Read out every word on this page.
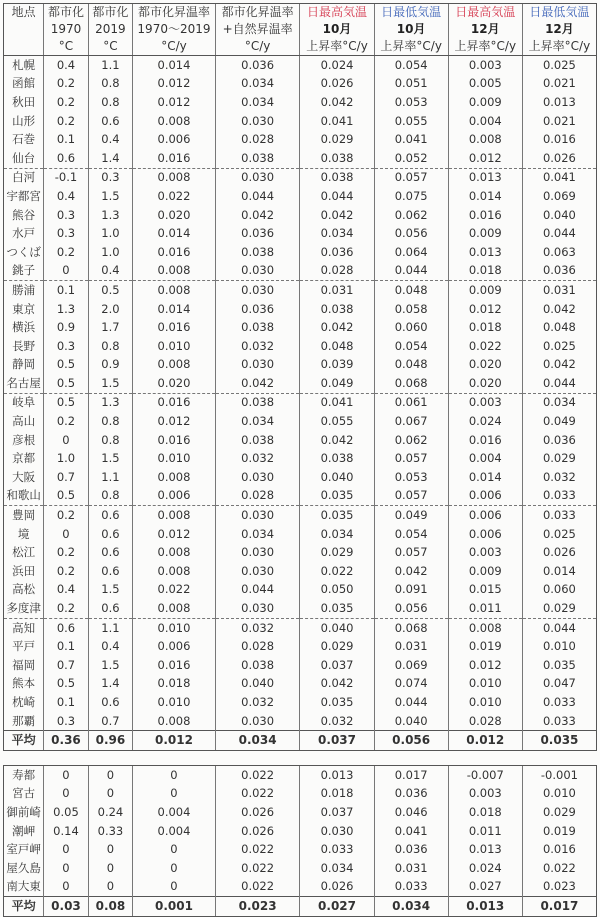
地点	都市化	都市化	都市化昇温率	都市化昇温率	日最高気温	日最低気温	日最高気温	日最低気温
	1970	2019	1970〜2019	+自然昇温率	10月	10月	12月	12月
	°C	°C	°C/y	°C/y	上昇率°C/y	上昇率°C/y	上昇率°C/y	上昇率°C/y
札幌	0.4	1.1	0.014	0.036	0.024	0.054	0.003	0.025
函館	0.2	0.8	0.012	0.034	0.026	0.051	0.005	0.021
秋田	0.2	0.8	0.012	0.034	0.042	0.053	0.009	0.013
山形	0.2	0.6	0.008	0.030	0.041	0.055	0.004	0.021
石巻	0.1	0.4	0.006	0.028	0.029	0.041	0.008	0.016
仙台	0.6	1.4	0.016	0.038	0.038	0.052	0.012	0.026
白河	-0.1	0.3	0.008	0.030	0.038	0.057	0.013	0.041
宇都宮	0.4	1.5	0.022	0.044	0.044	0.075	0.014	0.069
熊谷	0.3	1.3	0.020	0.042	0.042	0.062	0.016	0.040
水戸	0.3	1.0	0.014	0.036	0.034	0.056	0.009	0.044
つくば	0.2	1.0	0.016	0.038	0.036	0.064	0.013	0.063
銚子	0	0.4	0.008	0.030	0.028	0.044	0.018	0.036
勝浦	0.1	0.5	0.008	0.030	0.031	0.048	0.009	0.031
東京	1.3	2.0	0.014	0.036	0.038	0.058	0.012	0.042
横浜	0.9	1.7	0.016	0.038	0.042	0.060	0.018	0.048
長野	0.3	0.8	0.010	0.032	0.048	0.054	0.022	0.025
静岡	0.5	0.9	0.008	0.030	0.039	0.048	0.020	0.042
名古屋	0.5	1.5	0.020	0.042	0.049	0.068	0.020	0.044
岐阜	0.5	1.3	0.016	0.038	0.041	0.061	0.003	0.034
高山	0.2	0.8	0.012	0.034	0.055	0.067	0.024	0.049
彦根	0	0.8	0.016	0.038	0.042	0.062	0.016	0.036
京都	1.0	1.5	0.010	0.032	0.038	0.057	0.004	0.029
大阪	0.7	1.1	0.008	0.030	0.040	0.053	0.014	0.032
和歌山	0.5	0.8	0.006	0.028	0.035	0.057	0.006	0.033
豊岡	0.2	0.6	0.008	0.030	0.035	0.049	0.006	0.033
境	0	0.6	0.012	0.034	0.034	0.054	0.006	0.025
松江	0.2	0.6	0.008	0.030	0.029	0.057	0.003	0.026
浜田	0.2	0.6	0.008	0.030	0.022	0.042	0.009	0.014
高松	0.4	1.5	0.022	0.044	0.050	0.091	0.015	0.060
多度津	0.2	0.6	0.008	0.030	0.035	0.056	0.011	0.029
高知	0.6	1.1	0.010	0.032	0.040	0.068	0.008	0.044
平戸	0.1	0.4	0.006	0.028	0.029	0.031	0.019	0.010
福岡	0.7	1.5	0.016	0.038	0.037	0.069	0.012	0.035
熊本	0.5	1.4	0.018	0.040	0.042	0.074	0.010	0.047
枕崎	0.1	0.6	0.010	0.032	0.035	0.044	0.010	0.033
那覇	0.3	0.7	0.008	0.030	0.032	0.040	0.028	0.033
平均	0.36	0.96	0.012	0.034	0.037	0.056	0.012	0.035

寿都	0	0	0	0.022	0.013	0.017	-0.007	-0.001
宮古	0	0	0	0.022	0.018	0.036	0.003	0.010
御前崎	0.05	0.24	0.004	0.026	0.037	0.046	0.018	0.029
潮岬	0.14	0.33	0.004	0.026	0.030	0.041	0.011	0.019
室戸岬	0	0	0	0.022	0.033	0.036	0.013	0.016
屋久島	0	0	0	0.022	0.034	0.031	0.024	0.022
南大東	0	0	0	0.022	0.026	0.033	0.027	0.023
平均	0.03	0.08	0.001	0.023	0.027	0.034	0.013	0.017
